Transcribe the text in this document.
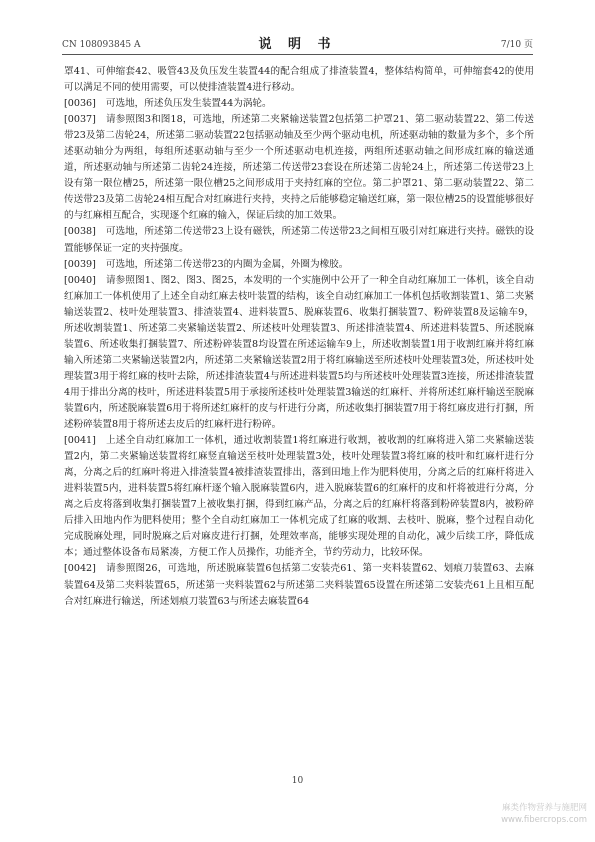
CN 108093845 A	说 明 书	7/10 页

罩41、可伸缩套42、吸管43及负压发生装置44的配合组成了排渣装置4，整体结构简单，可伸缩套42的使用可以满足不同的使用需要，可以使排渣装置4进行移动。

[0036] 可选地，所述负压发生装置44为涡轮。

[0037] 请参照图3和图18，可选地，所述第二夹紧输送装置2包括第二护罩21、第二驱动装置22、第二传送带23及第二齿轮24，所述第二驱动装置22包括驱动轴及至少两个驱动电机，所述驱动轴的数量为多个，多个所述驱动轴分为两组，每组所述驱动轴与至少一个所述驱动电机连接，两组所述驱动轴之间形成红麻的输送通道，所述驱动轴与所述第二齿轮24连接，所述第二传送带23套设在所述第二齿轮24上，所述第二传送带23上设有第一限位槽25，所述第一限位槽25之间形成用于夹持红麻的空位。第二护罩21、第二驱动装置22、第二传送带23及第二齿轮24相互配合对红麻进行夹持，夹持之后能够稳定输送红麻，第一限位槽25的设置能够很好的与红麻相互配合，实现逐个红麻的输入，保证后续的加工效果。

[0038] 可选地，所述第二传送带23上设有磁铁，所述第二传送带23之间相互吸引对红麻进行夹持。磁铁的设置能够保证一定的夹持强度。

[0039] 可选地，所述第二传送带23的内圈为金属，外圈为橡胶。

[0040] 请参照图1、图2、图3、图25，本发明的一个实施例中公开了一种全自动红麻加工一体机，该全自动红麻加工一体机使用了上述全自动红麻去枝叶装置的结构，该全自动红麻加工一体机包括收割装置1、第二夹紧输送装置2、枝叶处理装置3、排渣装置4、进料装置5、脱麻装置6、收集打捆装置7、粉碎装置8及运输车9，所述收割装置1、所述第二夹紧输送装置2、所述枝叶处理装置3、所述排渣装置4、所述进料装置5、所述脱麻装置6、所述收集打捆装置7、所述粉碎装置8均设置在所述运输车9上，所述收割装置1用于收割红麻并将红麻输入所述第二夹紧输送装置2内，所述第二夹紧输送装置2用于将红麻输送至所述枝叶处理装置3处，所述枝叶处理装置3用于将红麻的枝叶去除，所述排渣装置4与所述进料装置5均与所述枝叶处理装置3连接，所述排渣装置4用于排出分离的枝叶，所述进料装置5用于承接所述枝叶处理装置3输送的红麻杆、并将所述红麻杆输送至脱麻装置6内，所述脱麻装置6用于将所述红麻杆的皮与杆进行分离，所述收集打捆装置7用于将红麻皮进行打捆，所述粉碎装置8用于将所述去皮后的红麻杆进行粉碎。

[0041] 上述全自动红麻加工一体机，通过收割装置1将红麻进行收割，被收割的红麻将进入第二夹紧输送装置2内，第二夹紧输送装置将红麻竖直输送至枝叶处理装置3处，枝叶处理装置3将红麻的枝叶和红麻杆进行分离，分离之后的红麻叶将进入排渣装置4被排渣装置排出，落到田地上作为肥料使用，分离之后的红麻杆将进入进料装置5内，进料装置5将红麻杆逐个输入脱麻装置6内，进入脱麻装置6的红麻杆的皮和杆将被进行分离，分离之后皮将落到收集打捆装置7上被收集打捆，得到红麻产品，分离之后的红麻杆将落到粉碎装置8内，被粉碎后排入田地内作为肥料使用；整个全自动红麻加工一体机完成了红麻的收割、去枝叶、脱麻，整个过程自动化完成脱麻处理，同时脱麻之后对麻皮进行打捆，处理效率高，能够实现处理的自动化，减少后续工序，降低成本；通过整体设备布局紧凑，方便工作人员操作，功能齐全，节约劳动力，比较环保。

[0042] 请参照图26，可选地，所述脱麻装置6包括第二安装壳61、第一夹料装置62、划痕刀装置63、去麻装置64及第二夹料装置65，所述第一夹料装置62与所述第二夹料装置65设置在所述第二安装壳61上且相互配合对红麻进行输送，所述划痕刀装置63与所述去麻装置64

10
麻类作物营养与施肥网
www.fibercrops.com
